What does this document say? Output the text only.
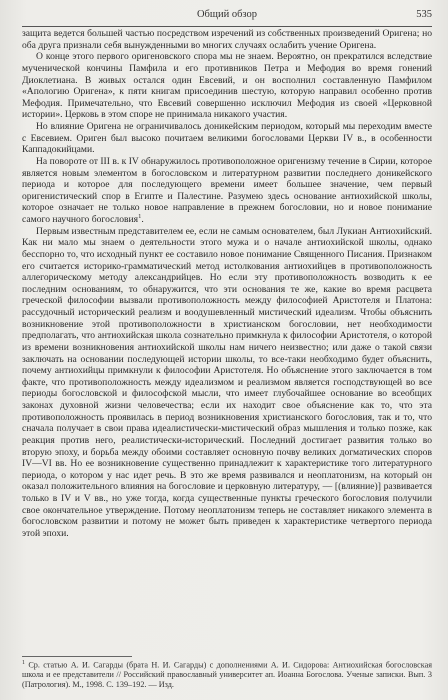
Общий обзор	535

защита ведется большей частью посредством изречений из собственных произведений Оригена; но оба друга признали себя вынужденными во многих случаях ослабить учение Оригена.

О конце этого первого оригеновского спора мы не знаем. Вероятно, он прекратился вследствие мученической кончины Памфила и его противников Петра и Мефодия во время гонений Диоклетиана. В живых остался один Евсевий, и он восполнил составленную Памфилом «Апологию Оригена», к пяти книгам присоединив шестую, которую направил особенно против Мефодия. Примечательно, что Евсевий совершенно исключил Мефодия из своей «Церковной истории». Церковь в этом споре не принимала никакого участия.

Но влияние Оригена не ограничивалось доникейским периодом, который мы переходим вместе с Евсевием. Ориген был высоко почитаем великими богословами Церкви IV в., в особенности Каппадокийцами.

На повороте от III в. к IV обнаружилось противоположное оригенизму течение в Сирии, которое является новым элементом в богословском и литературном развитии последнего доникейского периода и которое для последующего времени имеет большее значение, чем первый оригенистический спор в Египте и Палестине. Разумею здесь основание антиохийской школы, которое означает не только новое направление в прежнем богословии, но и новое понимание самого научного богословия$^1$.

Первым известным представителем ее, если не самым основателем, был Лукиан Антиохийский. Как ни мало мы знаем о деятельности этого мужа и о начале антиохийской школы, однако бесспорно то, что исходный пункт ее составило новое понимание Священного Писания. Признаком его считается историко-грамматический метод истолкования антиохийцев в противоположность аллегорическому методу александрийцев. Но если эту противоположность возводить к ее последним основаниям, то обнаружится, что эти основания те же, какие во время расцвета греческой философии вызвали противоположность между философией Аристотеля и Платона: рассудочный исторический реализм и воодушевленный мистический идеализм. Чтобы объяснить возникновение этой противоположности в христианском богословии, нет необходимости предполагать, что антиохийская школа сознательно примкнула к философии Аристотеля, о которой из времени возникновения антиохийской школы нам ничего неизвестно; или даже о такой связи заключать на основании последующей истории школы, то все-таки необходимо будет объяснить, почему антиохийцы примкнули к философии Аристотеля. Но объяснение этого заключается в том факте, что противоположность между идеализмом и реализмом является господствующей во все периоды богословской и философской мысли, что имеет глубочайшее основание во всеобщих законах духовной жизни человечества; если их находит свое объяснение как то, что эта противоположность проявилась в период возникновения христианского богословия, так и то, что сначала получает в свои права идеалистически-мистический образ мышления и только позже, как реакция против него, реалистически-исторический. Последний достигает развития только во вторую эпоху, и борьба между обоими составляет основную почву великих догматических споров IV—VI вв. Но ее возникновение существенно принадлежит к характеристике того литературного периода, о котором у нас идет речь. В это же время развивался и неоплатонизм, на который он оказал положительного влияния на богословие и церковную литературу, — [(влияние)] развивается только в IV и V вв., но уже тогда, когда существенные пункты греческого богословия получили свое окончательное утверждение. Потому неоплатонизм теперь не составляет никакого элемента в богословском развитии и потому не может быть приведен к характеристике четвертого периода этой эпохи.

$^1$ Ср. статью А. И. Сагарды (брата Н. И. Сагарды) с дополнениями А. И. Сидорова: Антиохийская богословская школа и ее представители // Российский православный университет ап. Иоанна Богослова. Ученые записки. Вып. 3 (Патрология). М., 1998. С. 139–192. — Изд.
